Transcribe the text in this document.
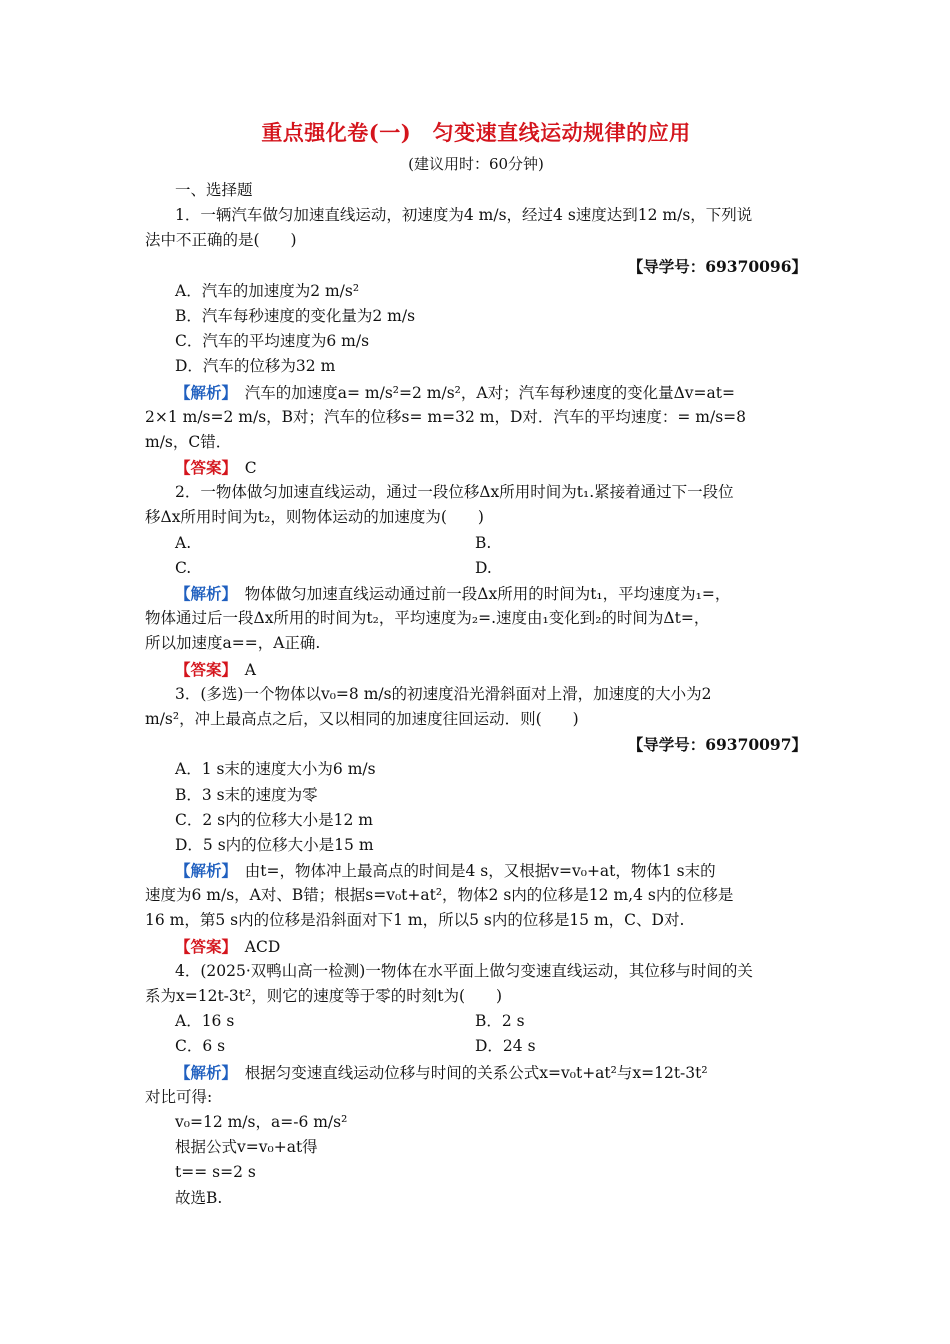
重点强化卷(一)　匀变速直线运动规律的应用
(建议用时：60分钟)
一、选择题
1．一辆汽车做匀加速直线运动，初速度为4 m/s，经过4 s速度达到12 m/s，下列说
法中不正确的是(　　)
【导学号：69370096】
A．汽车的加速度为2 m/s²
B．汽车每秒速度的变化量为2 m/s
C．汽车的平均速度为6 m/s
D．汽车的位移为32 m
【解析】　汽车的加速度a= m/s²=2 m/s²，A对；汽车每秒速度的变化量Δv=at=
2×1 m/s=2 m/s，B对；汽车的位移s= m=32 m，D对．汽车的平均速度：= m/s=8
m/s，C错．
【答案】　 C
2．一物体做匀加速直线运动，通过一段位移Δx所用时间为t₁.紧接着通过下一段位
移Δx所用时间为t₂，则物体运动的加速度为(　　)
A.	B.
C.	D.
【解析】　物体做匀加速直线运动通过前一段Δx所用的时间为t₁，平均速度为₁=，
物体通过后一段Δx所用的时间为t₂，平均速度为₂=.速度由₁变化到₂的时间为Δt=，
所以加速度a==，A正确.
【答案】　 A
3．(多选)一个物体以v₀=8 m/s的初速度沿光滑斜面对上滑，加速度的大小为2
m/s²，冲上最高点之后，又以相同的加速度往回运动．则(　　)
【导学号：69370097】
A．1 s末的速度大小为6 m/s
B．3 s末的速度为零
C．2 s内的位移大小是12 m
D．5 s内的位移大小是15 m
【解析】　由t=，物体冲上最高点的时间是4 s，又根据v=v₀+at，物体1 s末的
速度为6 m/s，A对、B错；根据s=v₀t+at²，物体2 s内的位移是12 m,4 s内的位移是
16 m，第5 s内的位移是沿斜面对下1 m，所以5 s内的位移是15 m，C、D对.
【答案】　 ACD
4．(2025·双鸭山高一检测)一物体在水平面上做匀变速直线运动，其位移与时间的关
系为x=12t-3t²，则它的速度等于零的时刻t为(　　)
A．16 s	B．2 s
C．6 s	D．24 s
【解析】　根据匀变速直线运动位移与时间的关系公式x=v₀t+at²与x=12t-3t²
对比可得:
v₀=12 m/s，a=-6 m/s²
根据公式v=v₀+at得
t== s=2 s
故选B.
